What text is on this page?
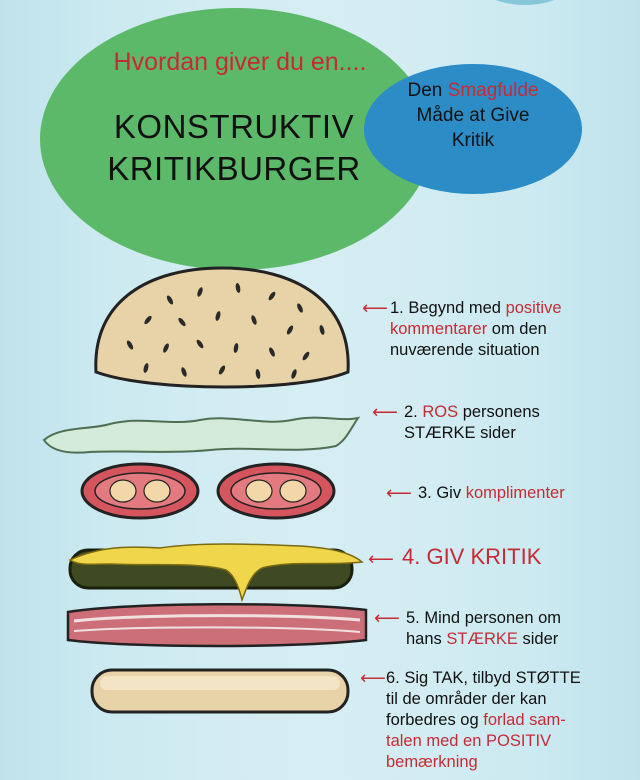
Hvordan giver du en....
KONSTRUKTIV
KRITIKBURGER
Den Smagfulde
Måde at Give
Kritik
⟵ 1. Begynd med positive
kommentarer om den
nuværende situation
⟵ 2. ROS personens
STÆRKE sider
⟵ 3. Giv komplimenter
⟵ 4. GIV KRITIK
⟵ 5. Mind personen om
hans STÆRKE sider
⟵ 6. Sig TAK, tilbyd STØTTE
til de områder der kan
forbedres og forlad sam-
talen med en POSITIV
bemærkning
